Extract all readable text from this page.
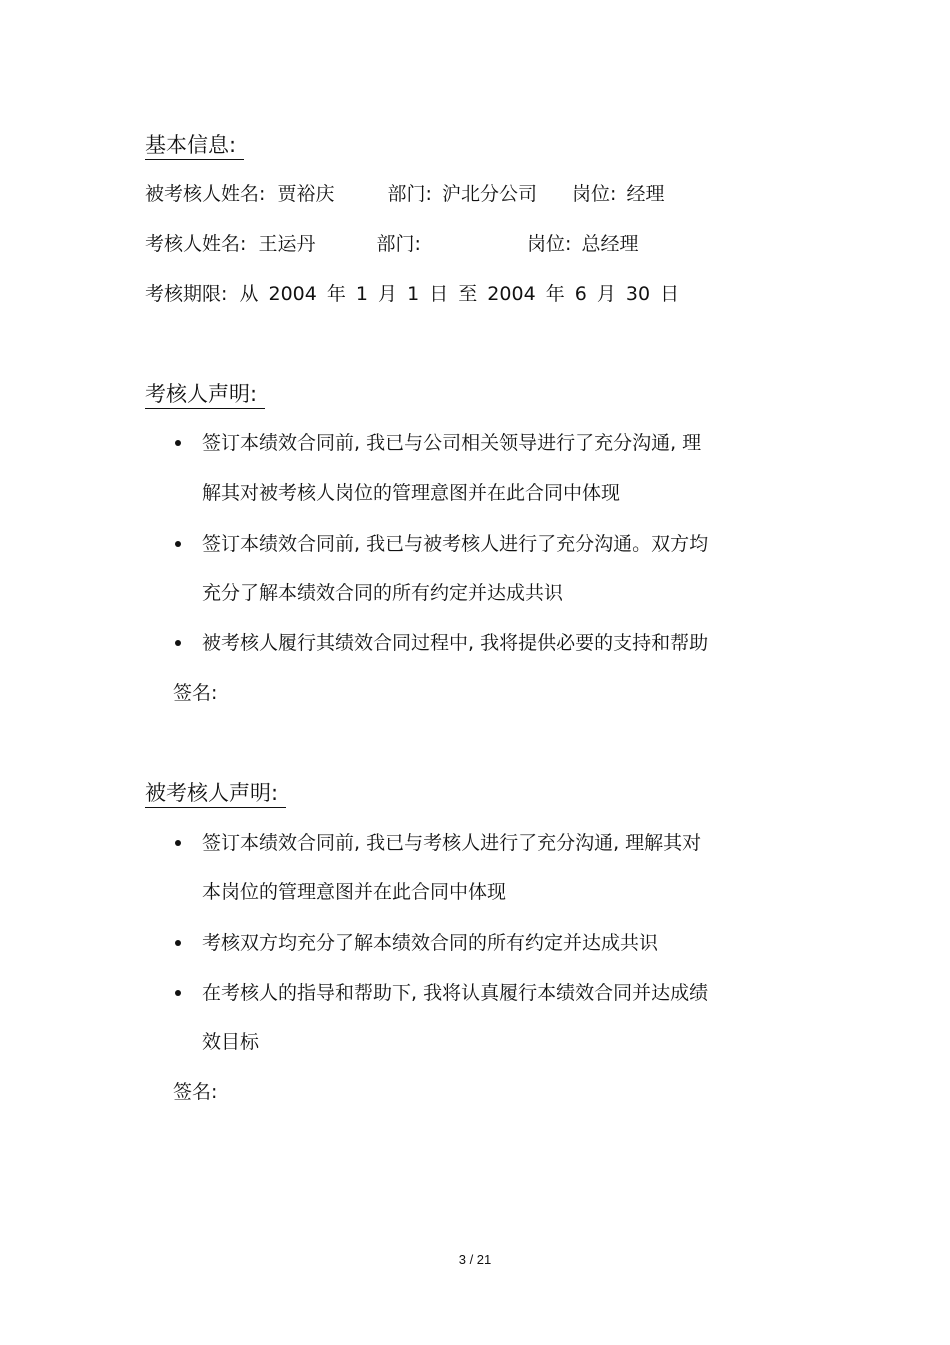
基本信息:
被考核人姓名: 贾裕庆	部门: 沪北分公司 岗位: 经理
考核人姓名: 王运丹	部门:	岗位: 总经理
考核期限: 从 2004 年 1 月 1 日 至 2004 年 6 月 30 日
考核人声明:
签订本绩效合同前, 我已与公司相关领导进行了充分沟通, 理
解其对被考核人岗位的管理意图并在此合同中体现
签订本绩效合同前, 我已与被考核人进行了充分沟通。双方均
充分了解本绩效合同的所有约定并达成共识
被考核人履行其绩效合同过程中, 我将提供必要的支持和帮助
签名:
被考核人声明:
签订本绩效合同前, 我已与考核人进行了充分沟通, 理解其对
本岗位的管理意图并在此合同中体现
考核双方均充分了解本绩效合同的所有约定并达成共识
在考核人的指导和帮助下, 我将认真履行本绩效合同并达成绩
效目标
签名:
3 / 21
